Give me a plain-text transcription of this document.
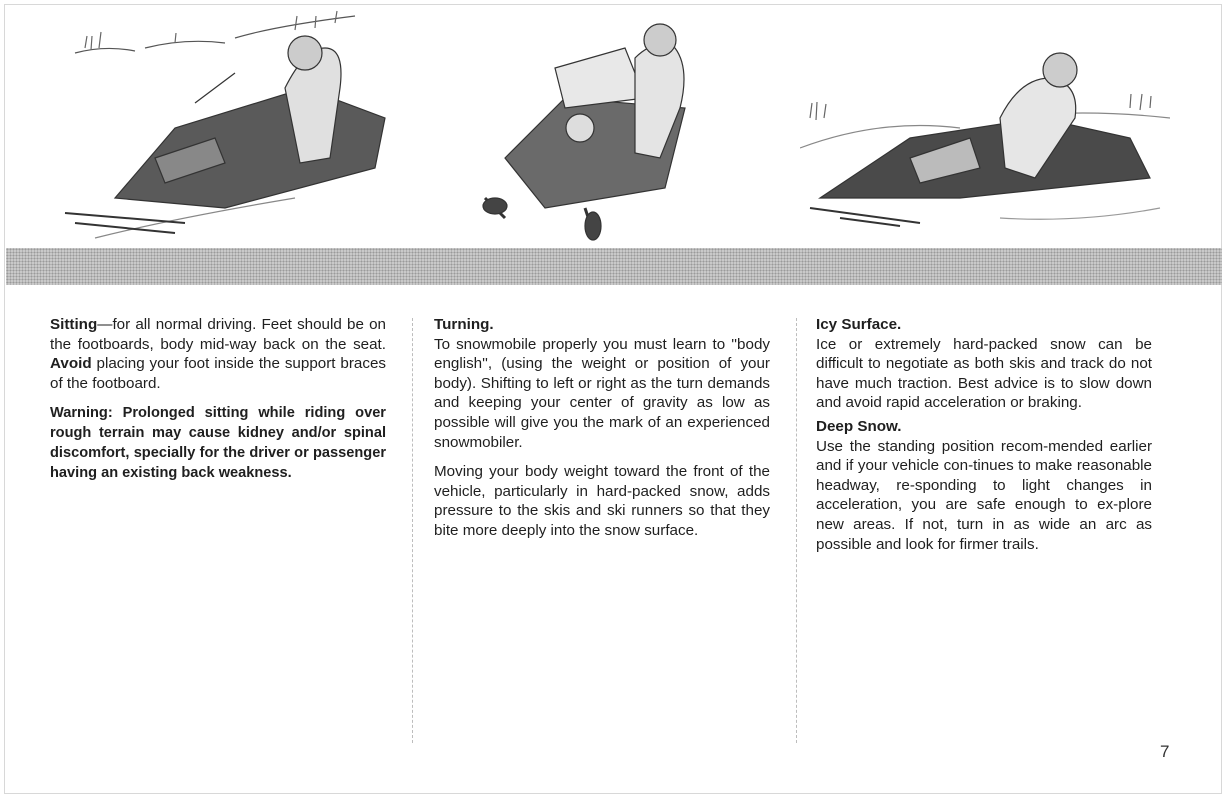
Sitting—for all normal driving. Feet should be on the footboards, body mid-way back on the seat. Avoid placing your foot inside the support braces of the footboard.

Warning: Prolonged sitting while riding over rough terrain may cause kidney and/or spinal discomfort, specially for the driver or passenger having an existing back weakness.

Turning.

To snowmobile properly you must learn to ''body english'', (using the weight or position of your body). Shifting to left or right as the turn demands and keeping your center of gravity as low as possible will give you the mark of an experienced snowmobiler.

Moving your body weight toward the front of the vehicle, particularly in hard-packed snow, adds pressure to the skis and ski runners so that they bite more deeply into the snow surface.

Icy Surface.

Ice or extremely hard-packed snow can be difficult to negotiate as both skis and track do not have much traction. Best advice is to slow down and avoid rapid acceleration or braking.

Deep Snow.

Use the standing position recom-mended earlier and if your vehicle con-tinues to make reasonable headway, re-sponding to light changes in acceleration, you are safe enough to ex-plore new areas. If not, turn in as wide an arc as possible and look for firmer trails.

7
